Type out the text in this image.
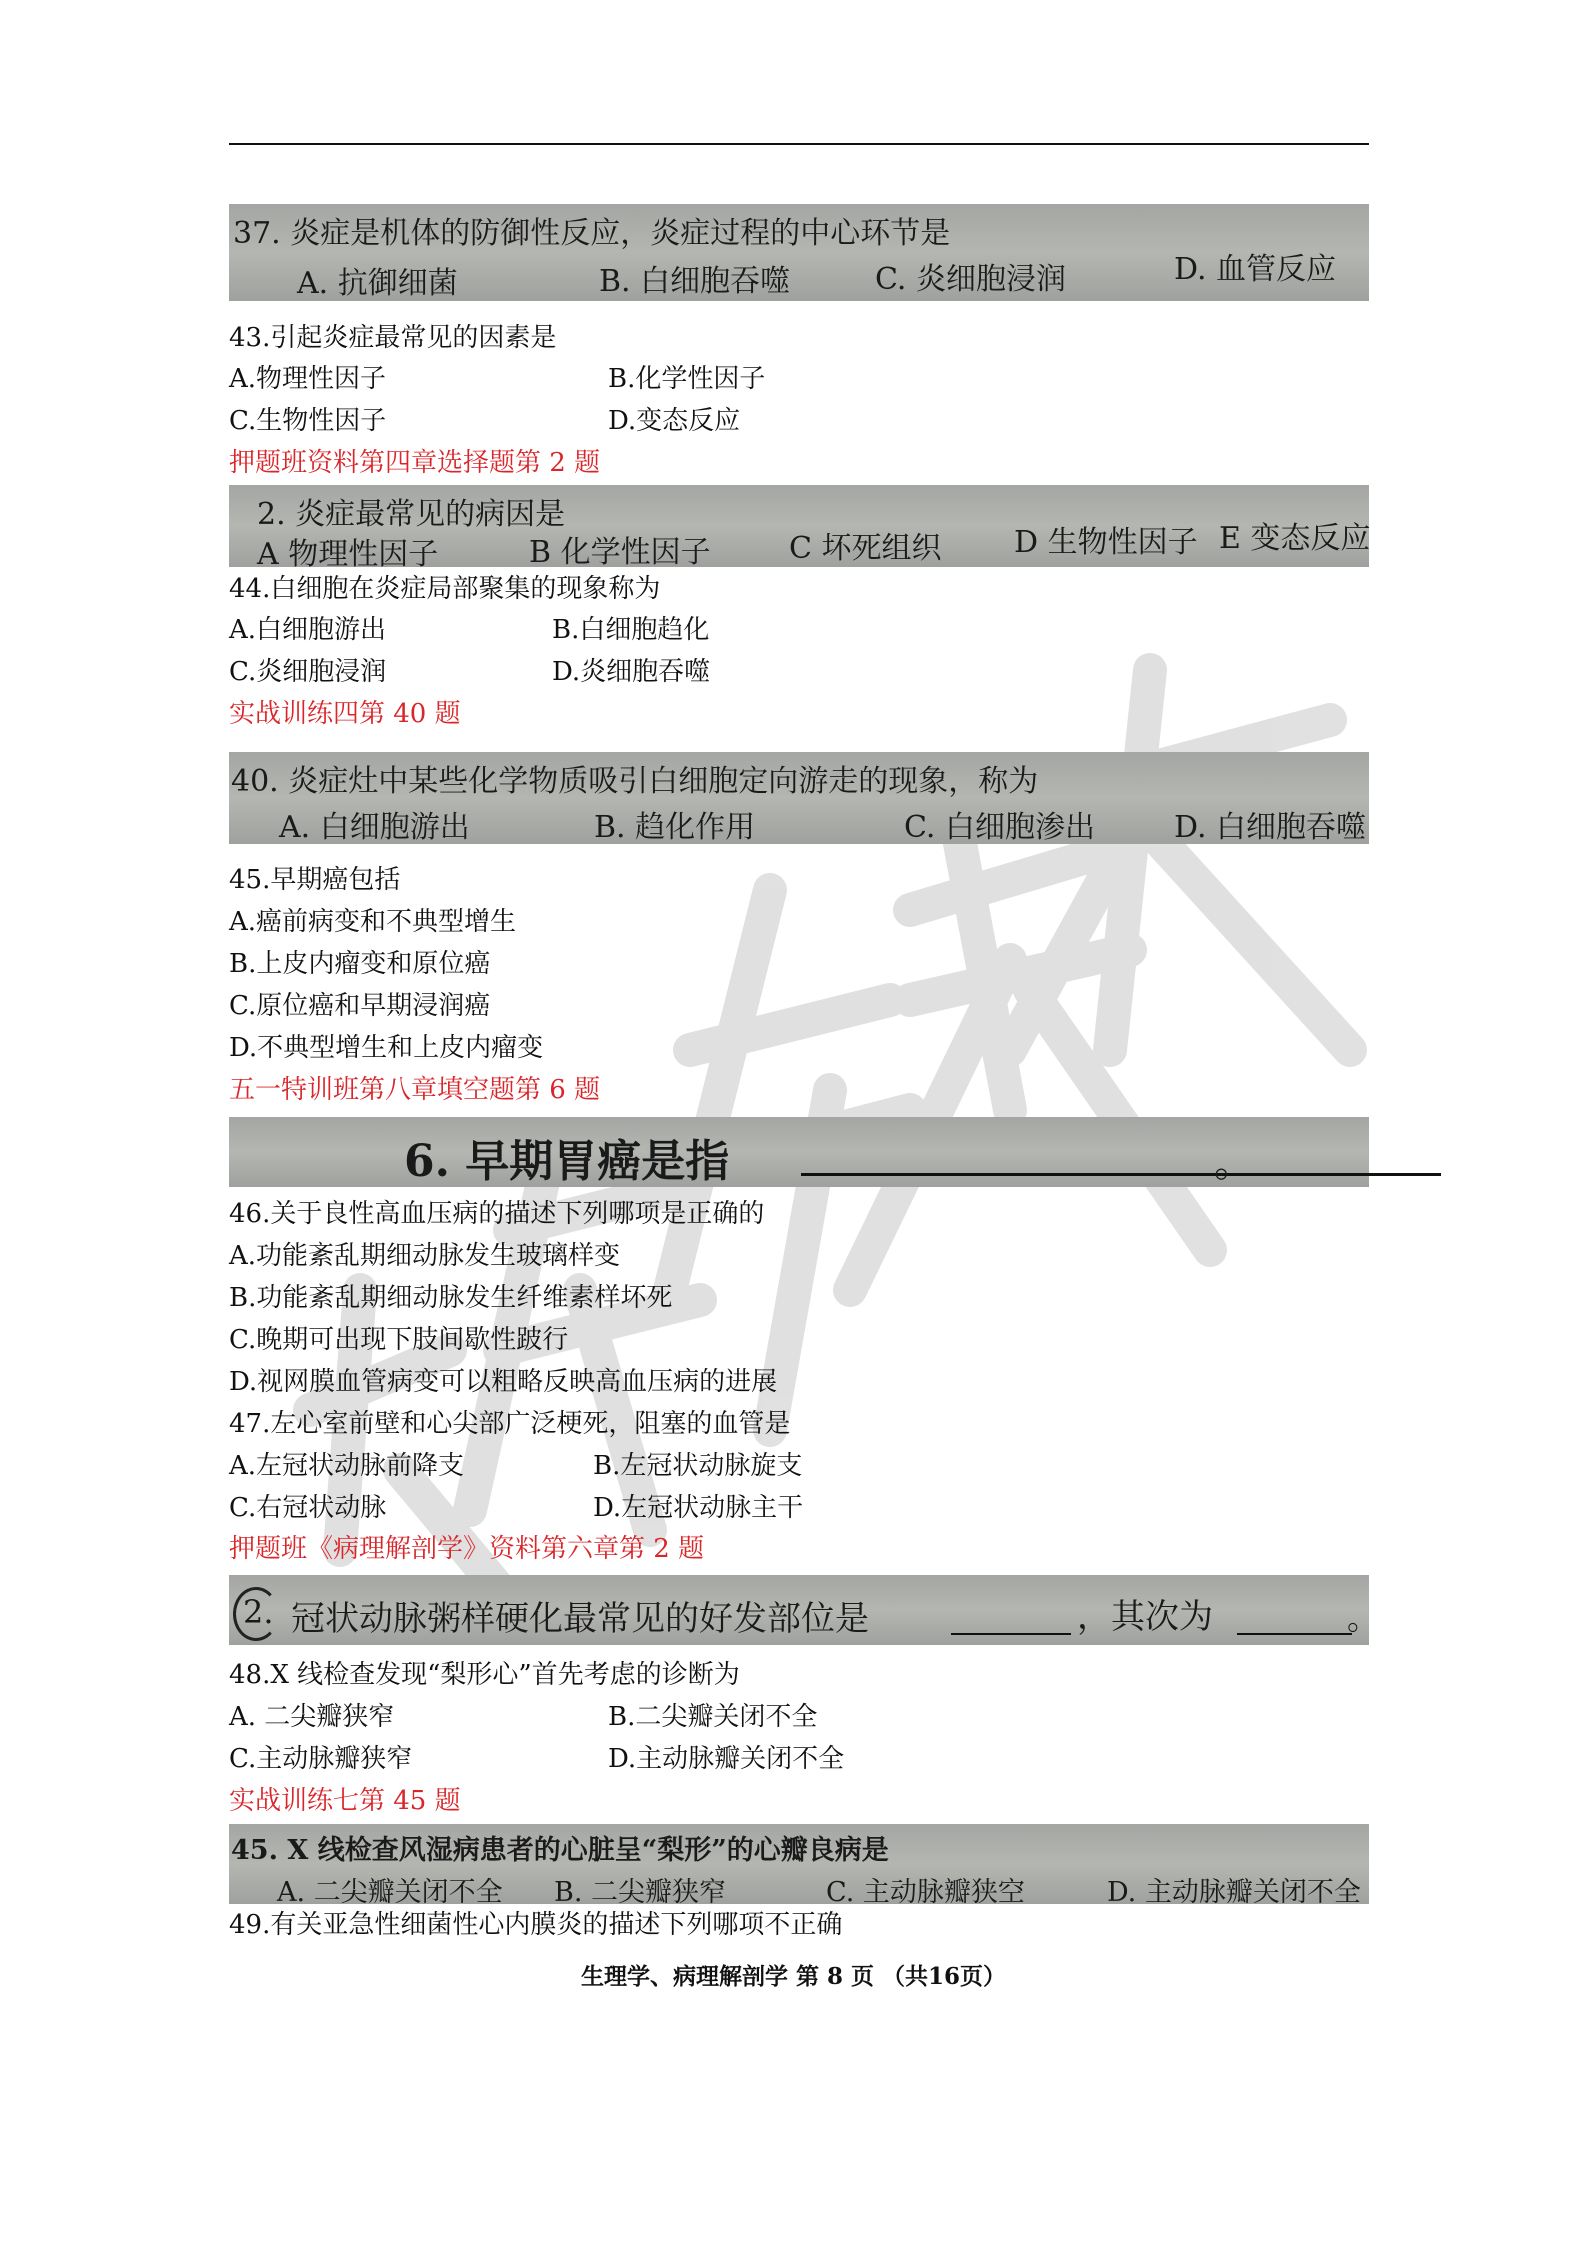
37. 炎症是机体的防御性反应，炎症过程的中心环节是
A. 抗御细菌	B. 白细胞吞噬	C. 炎细胞浸润	D. 血管反应
43.引起炎症最常见的因素是
A.物理性因子	B.化学性因子
C.生物性因子	D.变态反应
押题班资料第四章选择题第 2 题
2. 炎症最常见的病因是
A 物理性因子	B 化学性因子	C 坏死组织 D 生物性因子 E 变态反应
44.白细胞在炎症局部聚集的现象称为
A.白细胞游出	B.白细胞趋化
C.炎细胞浸润	D.炎细胞吞噬
实战训练四第 40 题
40. 炎症灶中某些化学物质吸引白细胞定向游走的现象，称为
A. 白细胞游出	B. 趋化作用	C. 白细胞渗出	D. 白细胞吞噬
45.早期癌包括
A.癌前病变和不典型增生
B.上皮内瘤变和原位癌
C.原位癌和早期浸润癌
D.不典型增生和上皮内瘤变
五一特训班第八章填空题第 6 题
6. 早期胃癌是指	。
46.关于良性高血压病的描述下列哪项是正确的
A.功能紊乱期细动脉发生玻璃样变
B.功能紊乱期细动脉发生纤维素样坏死
C.晚期可出现下肢间歇性跛行
D.视网膜血管病变可以粗略反映高血压病的进展
47.左心室前壁和心尖部广泛梗死，阻塞的血管是
A.左冠状动脉前降支	B.左冠状动脉旋支
C.右冠状动脉	D.左冠状动脉主干
押题班《病理解剖学》资料第六章第 2 题
2. 冠状动脉粥样硬化最常见的好发部位是	，其次为	。
48.X 线检查发现“梨形心”首先考虑的诊断为
A. 二尖瓣狭窄	B.二尖瓣关闭不全
C.主动脉瓣狭窄	D.主动脉瓣关闭不全
实战训练七第 45 题
45. X 线检查风湿病患者的心脏呈“梨形”的心瓣良病是
A. 二尖瓣关闭不全 B. 二尖瓣狭窄	C. 主动脉瓣狭空	D. 主动脉瓣关闭不全
49.有关亚急性细菌性心内膜炎的描述下列哪项不正确
生理学、病理解剖学 第 8 页 （共16页）
